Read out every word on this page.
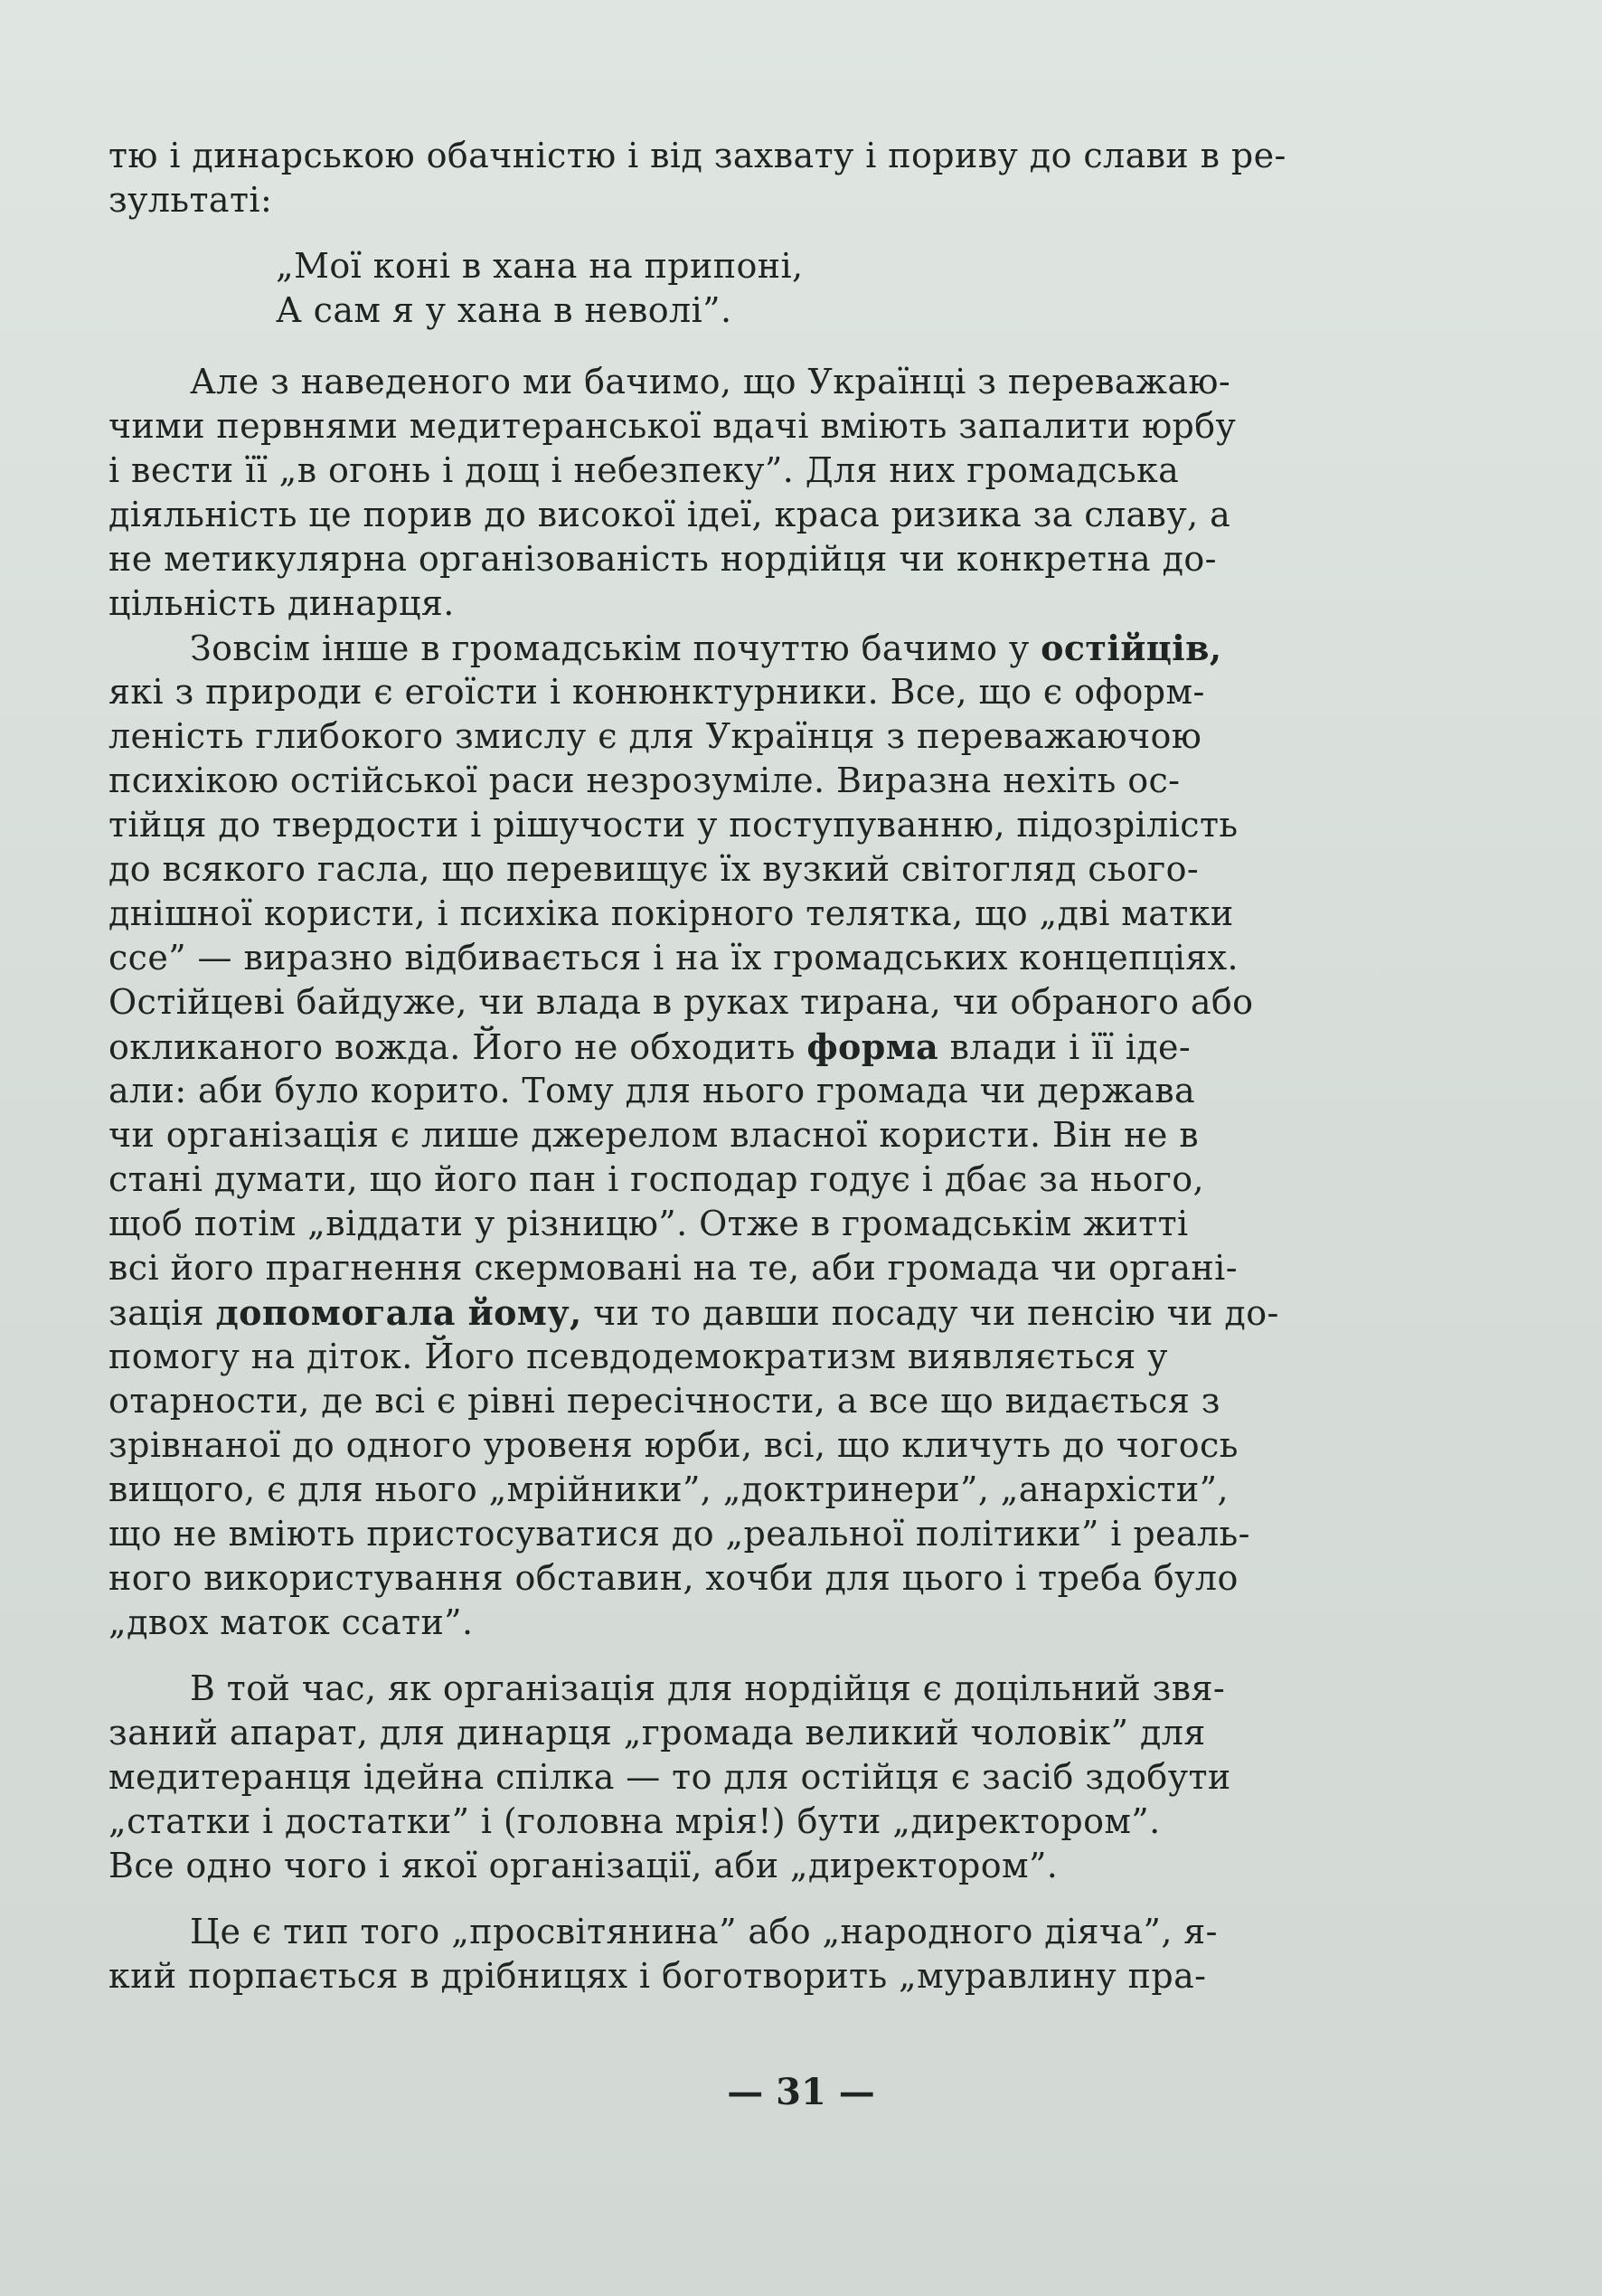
тю і динарською обачністю і від захвату і пориву до слави в ре-
зультаті:
„Мої коні в хана на припоні,
А сам я у хана в неволі”.
Але з наведеного ми бачимо, що Українці з переважаю-
чими первнями медитеранської вдачі вміють запалити юрбу
і вести її „в огонь і дощ і небезпеку”. Для них громадська
діяльність це порив до високої ідеї, краса ризика за славу, а
не метикулярна організованість нордійця чи конкретна до-
цільність динарця.
Зовсім інше в громадськім почуттю бачимо у остійців,
які з природи є егоїсти і конюнктурники. Все, що є оформ-
леність глибокого змислу є для Українця з переважаючою
психікою остійської раси незрозуміле. Виразна нехіть ос-
тійця до твердости і рішучости у поступуванню, підозрілість
до всякого гасла, що перевищує їх вузкий світогляд сього-
днішної користи, і психіка покірного телятка, що „дві матки
ссе” — виразно відбивається і на їх громадських концепціях.
Остійцеві байдуже, чи влада в руках тирана, чи обраного або
окликаного вожда. Його не обходить форма влади і її іде-
али: аби було корито. Тому для нього громада чи держава
чи організація є лише джерелом власної користи. Він не в
стані думати, що його пан і господар годує і дбає за нього,
щоб потім „віддати у різницю”. Отже в громадськім житті
всі його прагнення скермовані на те, аби громада чи органі-
зація допомогала йому, чи то давши посаду чи пенсію чи до-
помогу на діток. Його псевдодемократизм виявляється у
отарности, де всі є рівні пересічности, а все що видається з
зрівнаної до одного уровеня юрби, всі, що кличуть до чогось
вищого, є для нього „мрійники”, „доктринери”, „анархісти”,
що не вміють пристосуватися до „реальної політики” і реаль-
ного використування обставин, хочби для цього і треба було
„двох маток ссати”.
В той час, як організація для нордійця є доцільний звя-
заний апарат, для динарця „громада великий чоловік” для
медитеранця ідейна спілка — то для остійця є засіб здобути
„статки і достатки” і (головна мрія!) бути „директором”.
Все одно чого і якої організації, аби „директором”.
Це є тип того „просвітянина” або „народного діяча”, я-
кий порпається в дрібницях і боготворить „муравлину пра-
— 31 —
